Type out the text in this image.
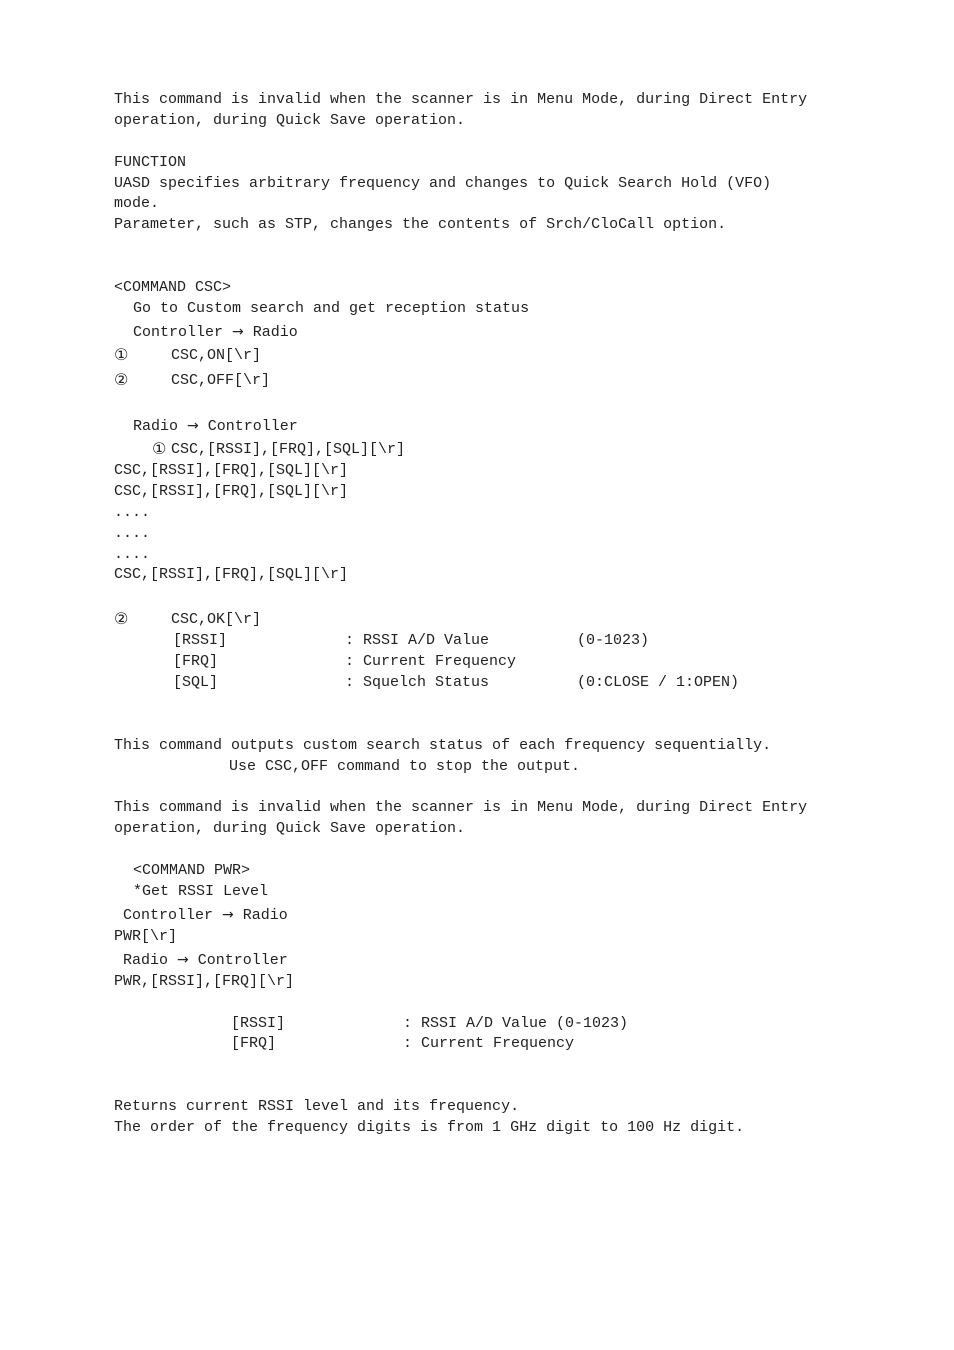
This command is invalid when the scanner is in Menu Mode, during Direct Entry
operation, during Quick Save operation.
FUNCTION
UASD specifies arbitrary frequency and changes to Quick Search Hold (VFO)
mode.
Parameter, such as STP, changes the contents of Srch/CloCall option.
<COMMAND CSC>
Go to Custom search and get reception status
Controller → Radio
①	CSC,ON[\r]
②	CSC,OFF[\r]
Radio → Controller
① CSC,[RSSI],[FRQ],[SQL][\r]
CSC,[RSSI],[FRQ],[SQL][\r]
CSC,[RSSI],[FRQ],[SQL][\r]
....
....
....
CSC,[RSSI],[FRQ],[SQL][\r]
②	CSC,OK[\r]
[RSSI]	: RSSI A/D Value	(0-1023)
[FRQ]	: Current Frequency
[SQL]	: Squelch Status	(0:CLOSE / 1:OPEN)
This command outputs custom search status of each frequency sequentially.
Use CSC,OFF command to stop the output.
This command is invalid when the scanner is in Menu Mode, during Direct Entry
operation, during Quick Save operation.
<COMMAND PWR>
*Get RSSI Level
Controller → Radio
PWR[\r]
Radio → Controller
PWR,[RSSI],[FRQ][\r]
[RSSI]	: RSSI A/D Value (0-1023)
[FRQ]	: Current Frequency
Returns current RSSI level and its frequency.
The order of the frequency digits is from 1 GHz digit to 100 Hz digit.
